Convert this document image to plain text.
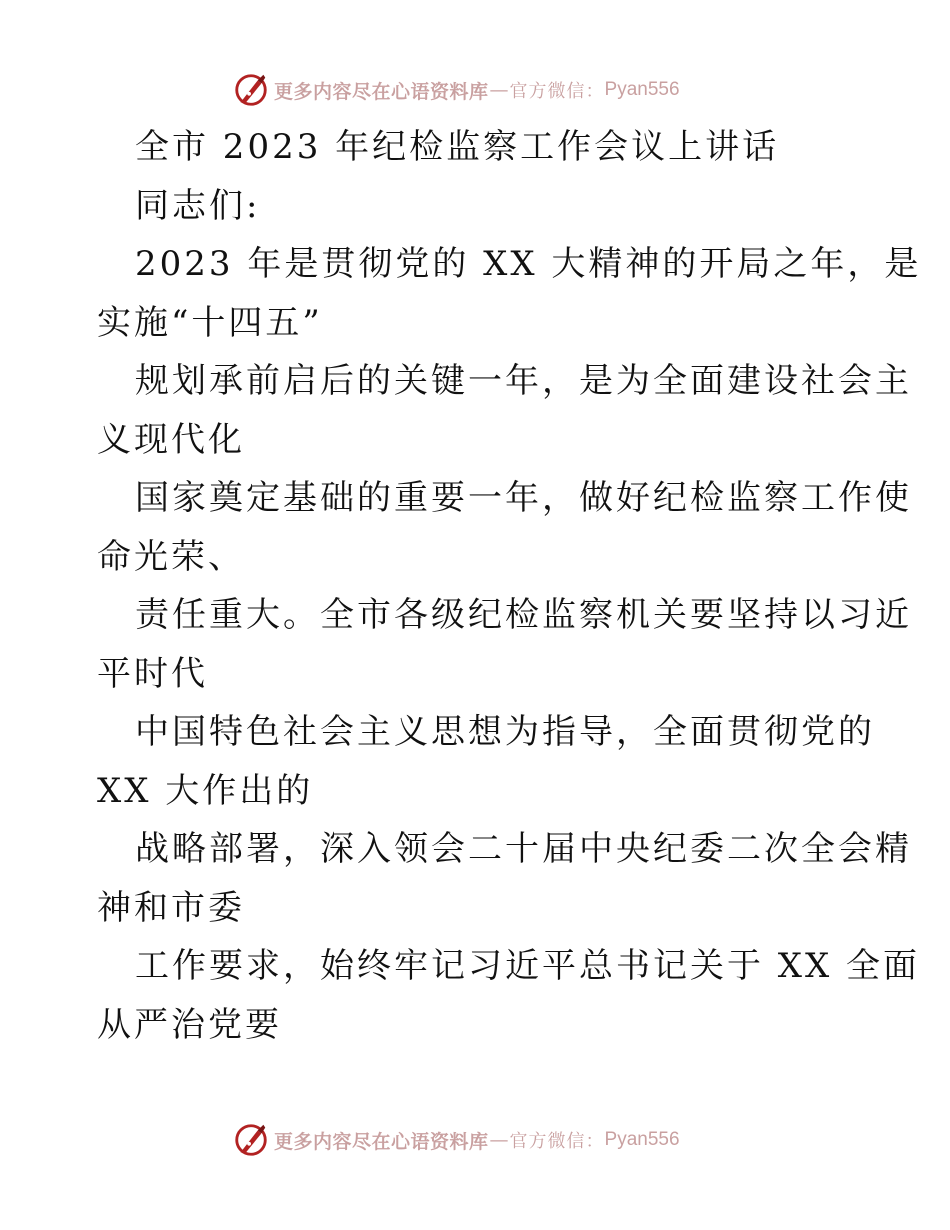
更多内容尽在心语资料库 — 官方微信： Pyan556

全市 2023 年纪检监察工作会议上讲话

同志们:

2023 年是贯彻党的 XX 大精神的开局之年，是

实施“十四五”

规划承前启后的关键一年，是为全面建设社会主

义现代化

国家奠定基础的重要一年，做好纪检监察工作使

命光荣、

责任重大。全市各级纪检监察机关要坚持以习近

平时代

中国特色社会主义思想为指导，全面贯彻党的

XX 大作出的

战略部署，深入领会二十届中央纪委二次全会精

神和市委

工作要求，始终牢记习近平总书记关于 XX 全面

从严治党要

更多内容尽在心语资料库 — 官方微信： Pyan556
